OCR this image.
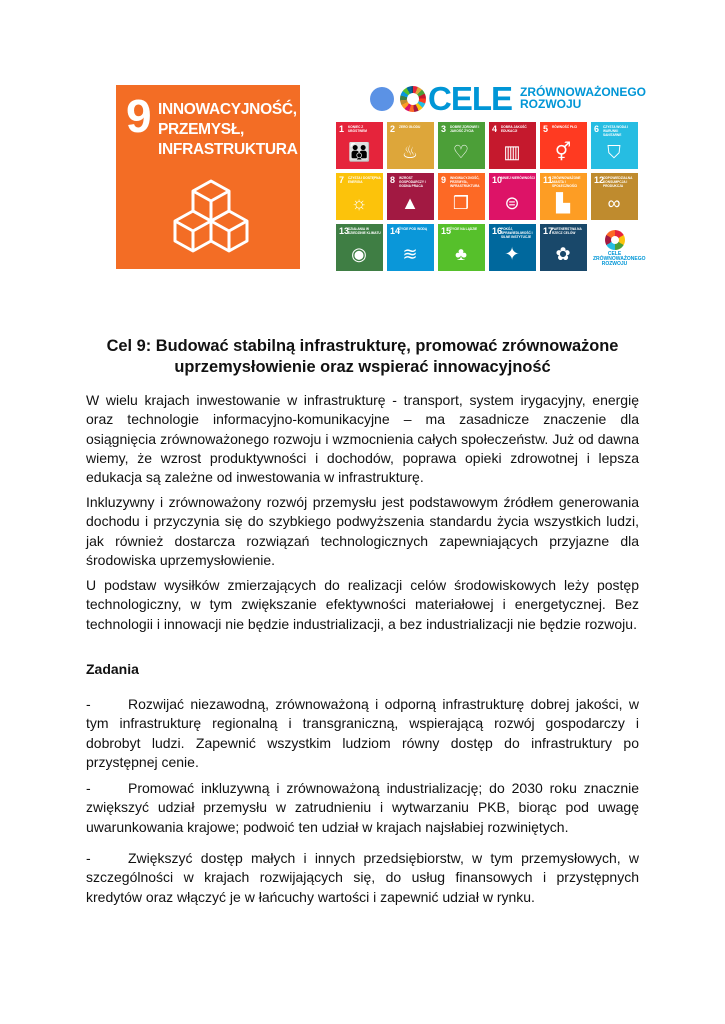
9 INNOWACYJNOŚĆ, PRZEMYSŁ, INFRASTRUKTURA
CELE ZRÓWNOWAŻONEGO
ROZWOJU
1 KONIEC Z UBÓSTWEM
👪
2 ZERO GŁODU
♨
3 DOBRE ZDROWIE I JAKOŚĆ ŻYCIA
♡
4 DOBRA JAKOŚĆ EDUKACJI
▥
5 RÓWNOŚĆ PŁCI
⚥
6 CZYSTA WODA I WARUNKI SANITARNE
⛉
7 CZYSTA I DOSTĘPNA ENERGIA
☼
8 WZROST GOSPODARCZY I GODNA PRACA
▲
9 INNOWACYJNOŚĆ, PRZEMYSŁ, INFRASTRUKTURA
❒
10
MNIEJ NIERÓWNOŚCI
⊜
11 ZRÓWNOWAŻONE MIASTA I SPOŁECZNOŚCI
▙
12
ODPOWIEDZIALNA KONSUMPCJA I PRODUKCJA
∞
13
DZIAŁANIA W DZIEDZINIE KLIMATU
◉
14
ŻYCIE POD WODĄ
≋
15
ŻYCIE NA LĄDZIE
♣
16
POKÓJ, SPRAWIEDLIWOŚĆ I SILNE INSTYTUCJE
✦
17
PARTNERSTWA NA RZECZ CELÓW
✿	CELE ZRÓWNOWAŻONEGO ROZWOJU
Cel 9: Budować stabilną infrastrukturę, promować zrównoważone uprzemysłowienie oraz wspierać innowacyjność

W wielu krajach inwestowanie w infrastrukturę - transport, system irygacyjny, energię oraz technologie informacyjno-komunikacyjne – ma zasadnicze znaczenie dla osiągnięcia zrównoważonego rozwoju i wzmocnienia całych społeczeństw. Już od dawna wiemy, że wzrost produktywności i dochodów, poprawa opieki zdrowotnej i lepsza edukacja są zależne od inwestowania w infrastrukturę.

Inkluzywny i zrównoważony rozwój przemysłu jest podstawowym źródłem generowania dochodu i przyczynia się do szybkiego podwyższenia standardu życia wszystkich ludzi, jak również dostarcza rozwiązań technologicznych zapewniających przyjazne dla środowiska uprzemysłowienie.

U podstaw wysiłków zmierzających do realizacji celów środowiskowych leży postęp technologiczny, w tym zwiększanie efektywności materiałowej i energetycznej. Bez technologii i innowacji nie będzie industrializacji, a bez industrializacji nie będzie rozwoju.

Zadania

-	Rozwijać niezawodną, zrównoważoną i odporną infrastrukturę dobrej jakości, w tym infrastrukturę regionalną i transgraniczną, wspierającą rozwój gospodarczy i dobrobyt ludzi. Zapewnić wszystkim ludziom równy dostęp do infrastruktury po przystępnej cenie.

-	Promować inkluzywną i zrównoważoną industrializację; do 2030 roku znacznie zwiększyć udział przemysłu w zatrudnieniu i wytwarzaniu PKB, biorąc pod uwagę uwarunkowania krajowe; podwoić ten udział w krajach najsłabiej rozwiniętych.

-	Zwiększyć dostęp małych i innych przedsiębiorstw, w tym przemysłowych, w szczególności w krajach rozwijających się, do usług finansowych i przystępnych kredytów oraz włączyć je w łańcuchy wartości i zapewnić udział w rynku.
